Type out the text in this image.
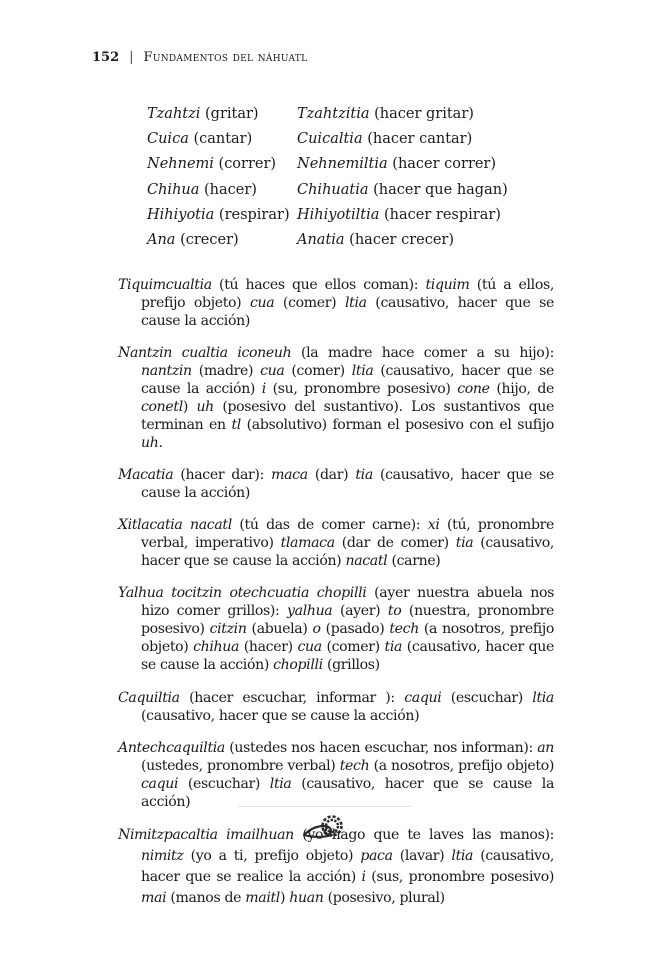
152 | Fundamentos del náhuatl
Tzahtzi (gritar)	Tzahtzitia (hacer gritar)
Cuica (cantar)	Cuicaltia (hacer cantar)
Nehnemi (correr)	Nehnemiltia (hacer correr)
Chihua (hacer)	Chihuatia (hacer que hagan)
Hihiyotia (respirar) Hihiyotiltia (hacer respirar)
Ana (crecer)	Anatia (hacer crecer)

Tiquimcualtia (tú haces que ellos coman): tiquim (tú a ellos, prefijo objeto) cua (comer) ltia (causativo, hacer que se cause la acción)

Nantzin cualtia iconeuh (la madre hace comer a su hijo): nantzin (madre) cua (comer) ltia (causativo, hacer que se cause la acción) i (su, pronombre posesivo) cone (hijo, de conetl) uh (posesivo del sustantivo). Los sustantivos que terminan en tl (absolutivo) forman el posesivo con el sufijo uh.

Macatia (hacer dar): maca (dar) tia (causativo, hacer que se cause la acción)

Xitlacatia nacatl (tú das de comer carne): xi (tú, pronombre verbal, imperativo) tlamaca (dar de comer) tia (causativo, hacer que se cause la acción) nacatl (carne)

Yalhua tocitzin otechcuatia chopilli (ayer nuestra abuela nos hizo comer grillos): yalhua (ayer) to (nuestra, pronombre posesivo) citzin (abuela) o (pasado) tech (a nosotros, prefijo objeto) chihua (hacer) cua (comer) tia (causativo, hacer que se cause la acción) chopilli (grillos)

Caquiltia (hacer escuchar, informar ): caqui (escuchar) ltia (causativo, hacer que se cause la acción)

Antechcaquiltia (ustedes nos hacen escuchar, nos informan): an (ustedes, pronombre verbal) tech (a nosotros, prefijo objeto) caqui (escuchar) ltia (causativo, hacer que se cause la acción)

Nimitzpacaltia imailhuan (yo hago que te laves las manos): nimitz (yo a ti, prefijo objeto) paca (lavar) ltia (causativo, hacer que se realice la acción) i (sus, pronombre posesivo) mai (manos de maitl) huan (posesivo, plural)
